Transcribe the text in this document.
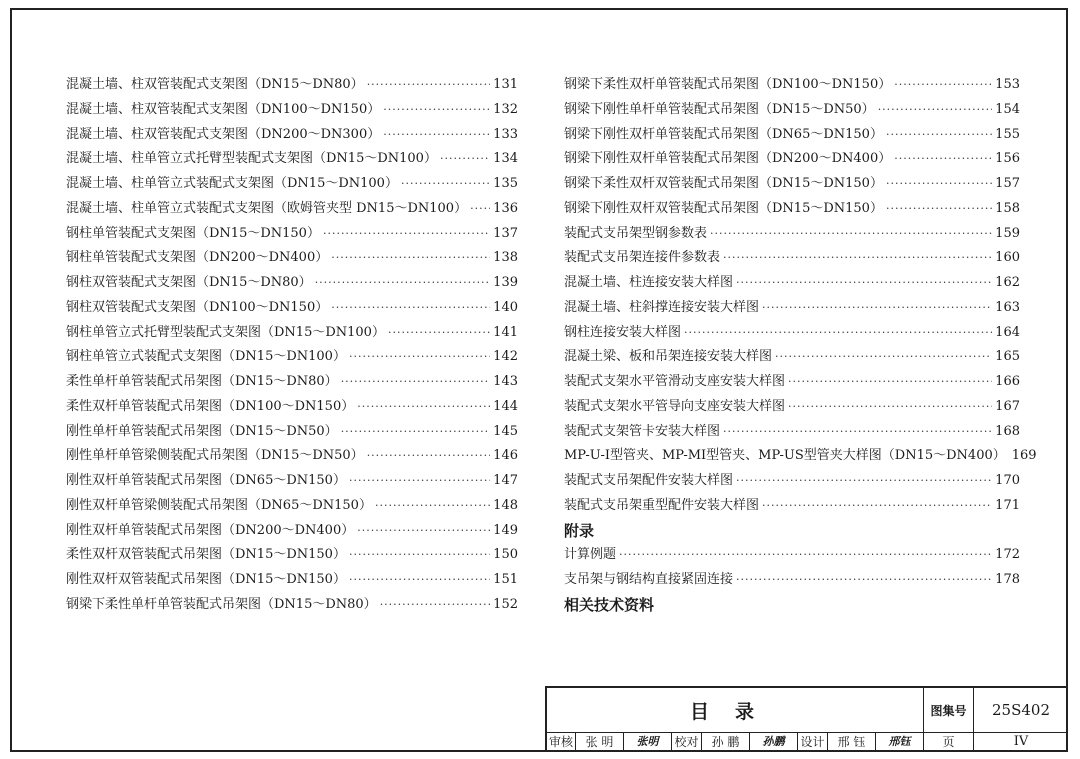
混凝土墙、柱双管装配式支架图（DN15～DN80） ·····	131
混凝土墙、柱双管装配式支架图（DN100～DN150） ·····	132
混凝土墙、柱双管装配式支架图（DN200～DN300） ·····	133
混凝土墙、柱单管立式托臂型装配式支架图（DN15～DN100） ·····	134
混凝土墙、柱单管立式装配式支架图（DN15～DN100） ·····	135
混凝土墙、柱单管立式装配式支架图（欧姆管夹型 DN15～DN100） ····· 136
钢柱单管装配式支架图（DN15～DN150） ·····	137
钢柱单管装配式支架图（DN200～DN400） ·····	138
钢柱双管装配式支架图（DN15～DN80） ·····	139
钢柱双管装配式支架图（DN100～DN150） ·····	140
钢柱单管立式托臂型装配式支架图（DN15～DN100） ·····	141
钢柱单管立式装配式支架图（DN15～DN100） ·····	142
柔性单杆单管装配式吊架图（DN15～DN80） ·····	143
柔性双杆单管装配式吊架图（DN100～DN150） ·····	144
刚性单杆单管装配式吊架图（DN15～DN50） ·····	145
刚性单杆单管梁侧装配式吊架图（DN15～DN50） ·····	146
刚性双杆单管装配式吊架图（DN65～DN150） ·····	147
刚性双杆单管梁侧装配式吊架图（DN65～DN150） ·····	148
刚性双杆单管装配式吊架图（DN200～DN400） ·····	149
柔性双杆双管装配式吊架图（DN15～DN150） ·····	150
刚性双杆双管装配式吊架图（DN15～DN150） ·····	151
钢梁下柔性单杆单管装配式吊架图（DN15～DN80） ·····	152
钢梁下柔性双杆单管装配式吊架图（DN100～DN150） ·····	153
钢梁下刚性单杆单管装配式吊架图（DN15～DN50） ·····	154
钢梁下刚性双杆单管装配式吊架图（DN65～DN150） ·····	155
钢梁下刚性双杆单管装配式吊架图（DN200～DN400） ·····	156
钢梁下柔性双杆双管装配式吊架图（DN15～DN150） ·····	157
钢梁下刚性双杆双管装配式吊架图（DN15～DN150） ·····	158
装配式支吊架型钢参数表 ·····	159
装配式支吊架连接件参数表 ·····	160
混凝土墙、柱连接安装大样图 ·····	162
混凝土墙、柱斜撑连接安装大样图 ·····	163
钢柱连接安装大样图 ·····	164
混凝土梁、板和吊架连接安装大样图 ·····	165
装配式支架水平管滑动支座安装大样图 ·····	166
装配式支架水平管导向支座安装大样图 ·····	167
装配式支架管卡安装大样图 ·····	168
MP-U-I型管夹、MP-MI型管夹、MP-US型管夹大样图（DN15～DN400） 169
装配式支吊架配件安装大样图 ·····	170
装配式支吊架重型配件安装大样图 ·····	171
附录
计算例题 ·····	172
支吊架与钢结构直接紧固连接 ·····	178
相关技术资料
目录	图集号	25S402
审核	张 明	张明	校对	孙 鹏	孙鹏	设计	邢 钰	邢钰	页	IV
